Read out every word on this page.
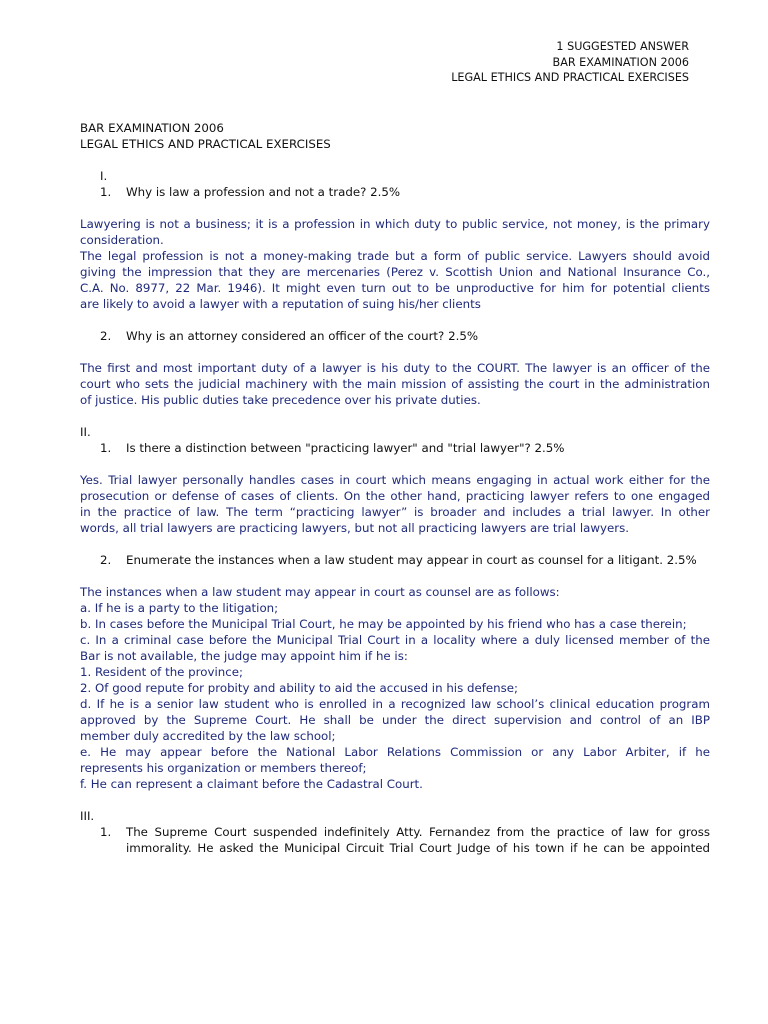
1 SUGGESTED ANSWER
BAR EXAMINATION 2006
LEGAL ETHICS AND PRACTICAL EXERCISES
BAR EXAMINATION 2006
LEGAL ETHICS AND PRACTICAL EXERCISES
I.
1. Why is law a profession and not a trade? 2.5%
Lawyering is not a business; it is a profession in which duty to public service, not money, is the primary
consideration.
The legal profession is not a money-making trade but a form of public service. Lawyers should avoid
giving the impression that they are mercenaries (Perez v. Scottish Union and National Insurance Co.,
C.A. No. 8977, 22 Mar. 1946). It might even turn out to be unproductive for him for potential clients
are likely to avoid a lawyer with a reputation of suing his/her clients
2. Why is an attorney considered an officer of the court? 2.5%
The first and most important duty of a lawyer is his duty to the COURT. The lawyer is an officer of the
court who sets the judicial machinery with the main mission of assisting the court in the administration
of justice. His public duties take precedence over his private duties.
II.
1. Is there a distinction between "practicing lawyer" and "trial lawyer"? 2.5%
Yes. Trial lawyer personally handles cases in court which means engaging in actual work either for the
prosecution or defense of cases of clients. On the other hand, practicing lawyer refers to one engaged
in the practice of law. The term “practicing lawyer” is broader and includes a trial lawyer. In other
words, all trial lawyers are practicing lawyers, but not all practicing lawyers are trial lawyers.
2. Enumerate the instances when a law student may appear in court as counsel for a litigant. 2.5%
The instances when a law student may appear in court as counsel are as follows:
a. If he is a party to the litigation;
b. In cases before the Municipal Trial Court, he may be appointed by his friend who has a case therein;
c. In a criminal case before the Municipal Trial Court in a locality where a duly licensed member of the
Bar is not available, the judge may appoint him if he is:
1. Resident of the province;
2. Of good repute for probity and ability to aid the accused in his defense;
d. If he is a senior law student who is enrolled in a recognized law school’s clinical education program
approved by the Supreme Court. He shall be under the direct supervision and control of an IBP
member duly accredited by the law school;
e. He may appear before the National Labor Relations Commission or any Labor Arbiter, if he
represents his organization or members thereof;
f. He can represent a claimant before the Cadastral Court.
III.
1. The Supreme Court suspended indefinitely Atty. Fernandez from the practice of law for gross
immorality. He asked the Municipal Circuit Trial Court Judge of his town if he can be appointed
